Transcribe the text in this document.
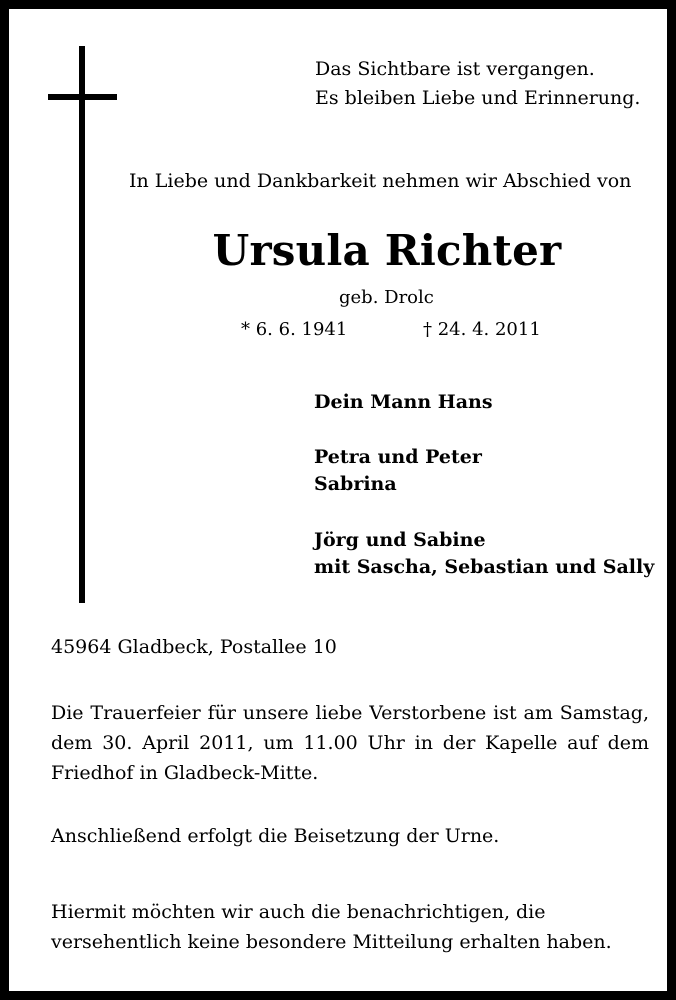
Das Sichtbare ist vergangen.
Es bleiben Liebe und Erinnerung.
In Liebe und Dankbarkeit nehmen wir Abschied von
Ursula Richter
geb. Drolc
* 6. 6. 1941	† 24. 4. 2011
Dein Mann Hans
Petra und Peter
Sabrina
Jörg und Sabine
mit Sascha, Sebastian und Sally
45964 Gladbeck, Postallee 10
Die Trauerfeier für unsere liebe Verstorbene ist am Samstag, dem 30. April 2011, um 11.00 Uhr in der Kapelle auf dem Friedhof in Gladbeck-Mitte.
Anschließend erfolgt die Beisetzung der Urne.
Hiermit möchten wir auch die benachrichtigen, die versehentlich keine besondere Mitteilung erhalten haben.
